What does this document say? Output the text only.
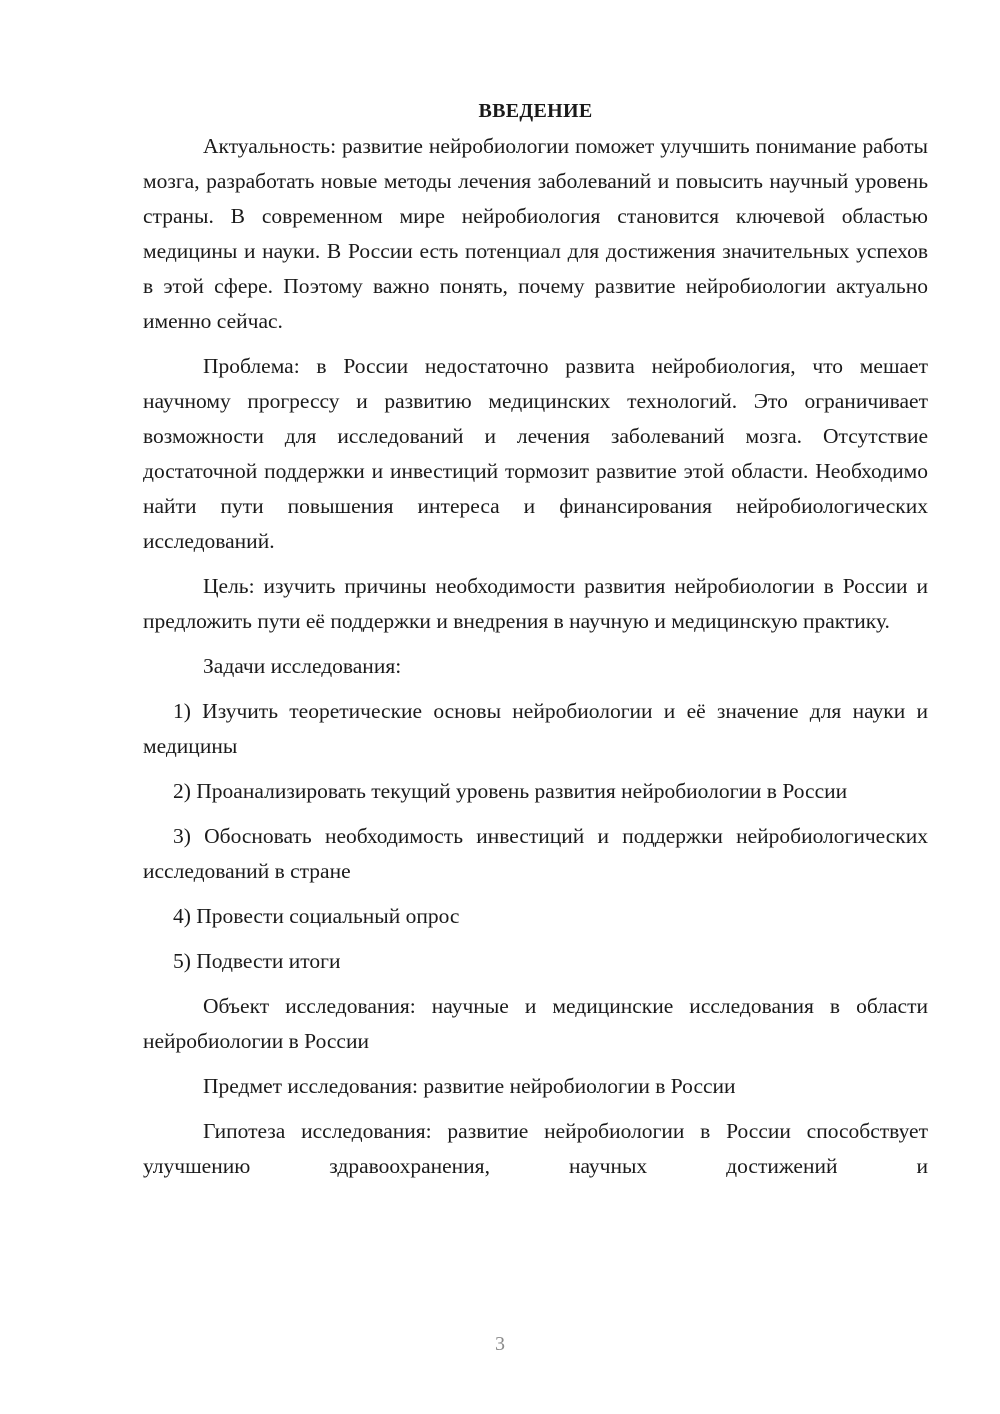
ВВЕДЕНИЕ

Актуальность: развитие нейробиологии поможет улучшить понимание работы мозга, разработать новые методы лечения заболеваний и повысить научный уровень страны. В современном мире нейробиология становится ключевой областью медицины и науки. В России есть потенциал для достижения значительных успехов в этой сфере. Поэтому важно понять, почему развитие нейробиологии актуально именно сейчас.

Проблема: в России недостаточно развита нейробиология, что мешает научному прогрессу и развитию медицинских технологий. Это ограничивает возможности для исследований и лечения заболеваний мозга. Отсутствие достаточной поддержки и инвестиций тормозит развитие этой области. Необходимо найти пути повышения интереса и финансирования нейробиологических исследований.

Цель: изучить причины необходимости развития нейробиологии в России и предложить пути её поддержки и внедрения в научную и медицинскую практику.

Задачи исследования:

1) Изучить теоретические основы нейробиологии и её значение для науки и медицины

2) Проанализировать текущий уровень развития нейробиологии в России

3) Обосновать необходимость инвестиций и поддержки нейробиологических исследований в стране

4) Провести социальный опрос

5) Подвести итоги

Объект исследования: научные и медицинские исследования в области нейробиологии в России

Предмет исследования: развитие нейробиологии в России

Гипотеза исследования: развитие нейробиологии в России способствует улучшению здравоохранения, научных достижений и

3
